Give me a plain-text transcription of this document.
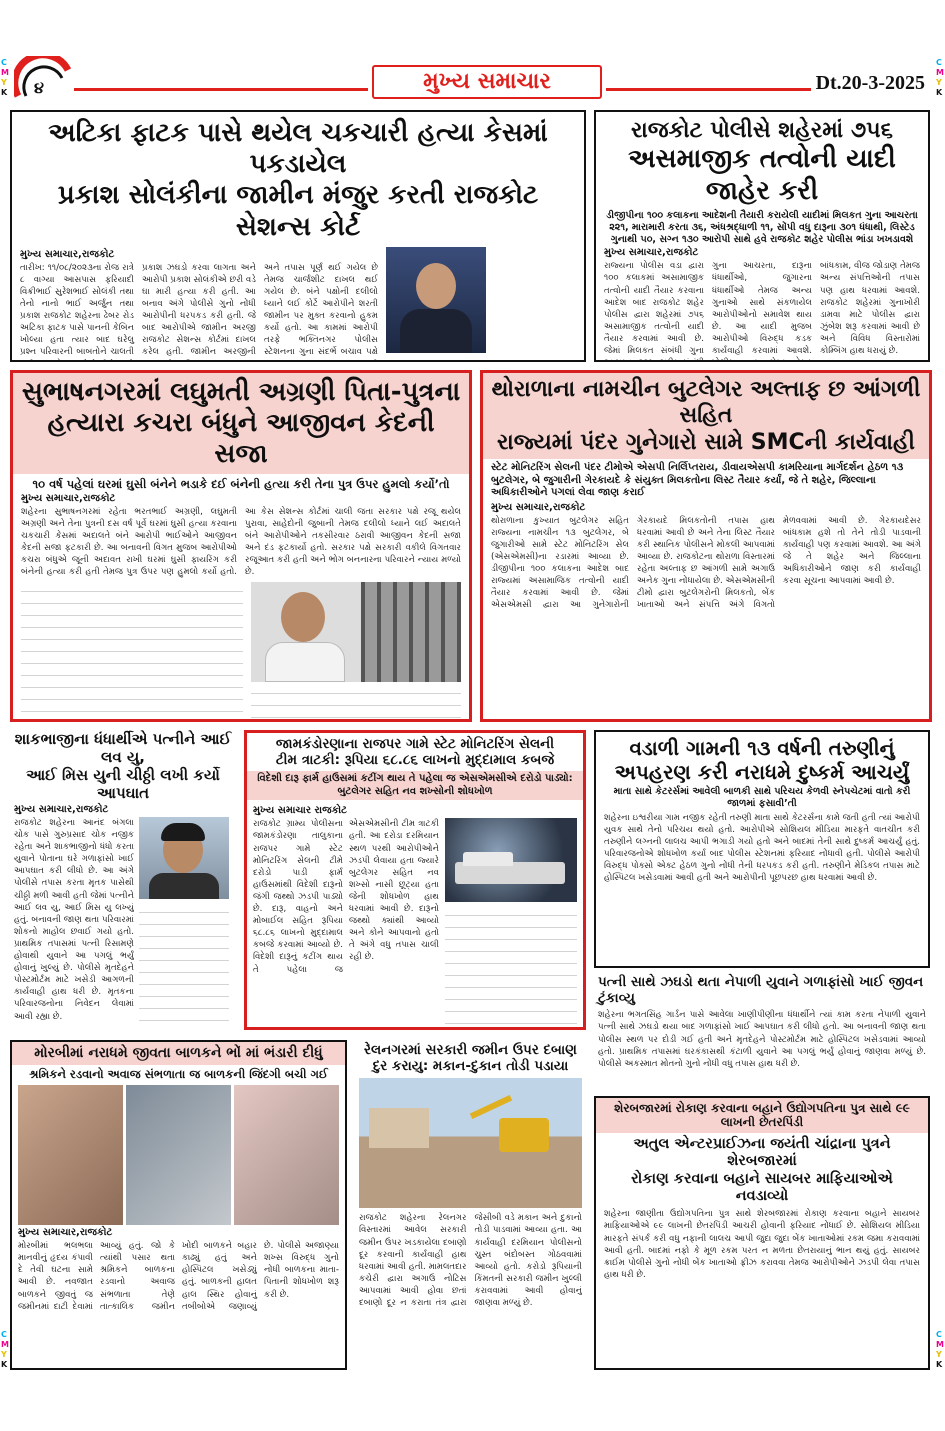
C
M
Y
K
C
M
Y
K
C
M
Y
K
C
M
Y
K
૪	મુખ્ય સમાચાર	Dt.20-3-2025
અટિકા ફાટક પાસે થયેલ ચકચારી હત્યા કેસમાં પકડાયેલ
પ્રકાશ સોલંકીના જામીન મંજુર કરતી રાજકોટ સેશન્સ કોર્ટ
મુખ્ય સમાચાર,રાજકોટ
તારીખ: ૧૧/૦૮/૨૦૨૩ના રોજ રાત્રે ૮ વાગ્યા આસપાસ ફરિયાદી વિક્રીભાઈ સુરેશભાઈ સોલંકી તથા તેનો નાનો ભાઈ અર્જુન તથા પ્રકાશ રાજકોટ શહેરના ઢેબર રોડ અટિકા ફાટક પાસે પાનની કેબિન ખોલ્યા હતા ત્યાર બાદ ઘરેલુ પ્રશ્ન પરિવારની બાબતોને ચાલતી પ્રકાશ ઝઘડો કરવા લાગતા અને આરોપી પ્રકાશ સોલંકીએ છરી વડે ઘા મારી હત્યા કરી હતી. આ બનાવ અંગે પોલીસે ગુનો નોંધી આરોપીની ધરપકડ કરી હતી. જે બાદ આરોપીએ જામીન અરજી રાજકોટ સેશન્સ કોર્ટમાં દાખલ કરેલ હતી. જામીન અરજીની અને તપાસ પૂર્ણ થઈ ગયેલ છે તેમજ ચાર્જશીટ દાખલ થઈ ગયેલ છે. બંને પક્ષોની દલીલો ધ્યાને લઈ કોર્ટે આરોપીને શરતી જામીન પર મુક્ત કરવાનો હુકમ કર્યો હતો. આ કામમાં આરોપી તરફે ભક્તિનગર પોલીસ સ્ટેશનના ગુના સંદર્ભે બચાવ પક્ષે
રાજકોટ પોલીસે શહેરમાં ૭૫૬
અસમાજીક તત્વોની યાદી જાહેર કરી
ડીજીપીના ૧૦૦ કલાકના આદેશની તૈયારી કરાયેલી યાદીમાં મિલકત ગુના આચરતા ૨૨૧, મારામારી કરતા ૩૬, અંધશ્રદ્ધાળી ૧૧, સોંપી વધુ દારૂના ૩૦૧ ધંધાથી, લિસ્ટેડ ગુનાથી ૫૦, સગ્ન ૧૩૦ આરોપી સાથે હવે રાજકોટ શહેર પોલીસ ભાંડા ખખડાવશે
મુખ્ય સમાચાર,રાજકોટ
રાજ્યના પોલીસ વડા દ્વારા ૧૦૦ કલાકમાં અસામાજીક તત્વોની યાદી તૈયાર કરવાના આદેશ બાદ રાજકોટ શહેર પોલીસ દ્વારા શહેરમાં ૭૫૬ અસામાજીક તત્વોની યાદી તૈયાર કરવામાં આવી છે. જેમાં મિલકત સંબંધી ગુના ગુના આચરતા, દારૂના ધંધાર્થીઓ, જુગારના ધંધાર્થીઓ તેમજ અન્ય ગુનાઓ સાથે સંકળાયેલ આરોપીઓનો સમાવેશ થાય છે. આ યાદી મુજબ આરોપીઓ વિરુદ્ધ કડક કાર્યવાહી કરવામાં આવશે. બાંધકામ, વીજ જોડાણ તેમજ અન્ય સંપત્તિઓની તપાસ પણ હાથ ધરવામાં આવશે. રાજકોટ શહેરમાં ગુનાખોરી ડામવા માટે પોલીસ દ્વારા ઝુંબેશ શરૂ કરવામાં આવી છે અને વિવિધ વિસ્તારોમાં કોમ્બિંગ હાથ ધરાયું છે.
સુભાષનગરમાં લઘુમતી અગ્રણી પિતા-પુત્રના
હત્યારા કચરા બંધુને આજીવન કેદની સજા
૧૦ વર્ષ પહેલાં ઘરમાં ઘુસી બંનેને ભડાકે દઈ બંનેની હત્યા કરી તેના પુત્ર ઉપર હુમલો કર્યો’તો
મુખ્ય સમાચાર,રાજકોટ
શહેરના સુભાષનગરમાં રહેતા ભરતભાઈ અગ્રણી, લઘુમતી અગ્રણી અને તેના પુત્રની દસ વર્ષ પૂર્વે ઘરમાં ઘુસી હત્યા કરવાના ચકચારી કેસમાં અદાલતે બંને આરોપી ભાઈઓને આજીવન કેદની સજા ફટકારી છે. આ બનાવની વિગત મુજબ આરોપીઓ કચરા બંધુએ જૂની અદાવત રાખી ઘરમાં ઘુસી ફાયરિંગ કરી બંનેની હત્યા કરી હતી તેમજ પુત્ર ઉપર પણ હુમલો કર્યો હતો. આ કેસ સેશન્સ કોર્ટમાં ચાલી જતા સરકાર પક્ષે રજૂ થયેલ પુરાવા, સાહેદોની જુબાની તેમજ દલીલો ધ્યાને લઈ અદાલતે બંને આરોપીઓને તકસીરવાર ઠરાવી આજીવન કેદની સજા અને દંડ ફટકાર્યો હતો. સરકાર પક્ષે સરકારી વકીલે વિગતવાર રજૂઆત કરી હતી અને ભોગ બનનારના પરિવારને ન્યાય મળ્યો છે.
થોરાળાના નામચીન બુટલેગર અલ્તાફ છ આંગળી સહિત
રાજ્યમાં પંદર ગુનેગારો સામે SMCની કાર્યવાહી
સ્ટેટ મોનિટરિંગ સેલની પંદર ટીમોએ એસપી નિર્લિપ્તરાય, ડીવાયએસપી કામરિયાના માર્ગદર્શન હેઠળ ૧૩ બુટલેગર, બે જુગારીની ગેરકાયદે કે સંયુક્ત મિલકતોના લિસ્ટ તૈયાર કર્યાં, જે તે શહેર, જિલ્લાના અધિકારીઓને પગલાં લેવા જાણ કરાઈ
મુખ્ય સમાચાર,રાજકોટ
થોરાળાના કુખ્યાત બુટલેગર સહિત રાજ્યના નામચીન ૧૩ બુટલેગર, બે જુગારીઓ સામે સ્ટેટ મોનિટરિંગ સેલ (એસએમસી)ના રડારમાં આવ્યા છે. ડીજીપીના ૧૦૦ કલાકના આદેશ બાદ રાજ્યમાં અસામાજિક તત્વોની યાદી તૈયાર કરવામાં આવી છે. જેમાં એસએમસી દ્વારા આ ગુનેગારોની ગેરકાયદે મિલકતોની તપાસ હાથ ધરવામાં આવી છે અને તેના લિસ્ટ તૈયાર કરી સ્થાનિક પોલીસને મોકલી આપવામાં આવ્યા છે. રાજકોટના થોરાળા વિસ્તારમાં રહેતા અલ્તાફ છ આંગળી સામે અગાઉ અનેક ગુના નોંધાયેલા છે. એસએમસીની ટીમો દ્વારા બુટલેગરોની મિલકતો, બેંક ખાતાઓ અને સંપત્તિ અંગે વિગતો મેળવવામાં આવી છે. ગેરકાયદેસર બાંધકામ હશે તો તેને તોડી પાડવાની કાર્યવાહી પણ કરવામાં આવશે. આ અંગે જે તે શહેર અને જિલ્લાના અધિકારીઓને જાણ કરી કાર્યવાહી કરવા સૂચના આપવામાં આવી છે.
શાકભાજીના ધંધાર્થીએ પત્નીને આઈ લવ યુ,
આઈ મિસ યુની ચીઠ્ઠી લખી કર્યો આપઘાત
મુખ્ય સમાચાર,રાજકોટ
રાજકોટ શહેરના આનંદ બંગલા ચોક પાસે ગુરુપ્રસાદ ચોક નજીક રહેતા અને શાકભાજીનો ધંધો કરતા યુવાને પોતાના ઘરે ગળાફાંસો ખાઈ આપઘાત કરી લીધો છે. આ અંગે પોલીસે તપાસ કરતા મૃતક પાસેથી ચીઠ્ઠી મળી આવી હતી જેમાં પત્નીને આઈ લવ યુ, આઈ મિસ યુ લખ્યું હતું. બનાવની જાણ થતા પરિવારમાં શોકનો માહોલ છવાઈ ગયો હતો. પ્રાથમિક તપાસમાં પત્ની રિસામણે હોવાથી યુવાને આ પગલું ભર્યું હોવાનું ખુલ્યું છે. પોલીસે મૃતદેહને પોસ્ટમોર્ટમ માટે ખસેડી આગળની કાર્યવાહી હાથ ધરી છે. મૃતકના પરિવારજનોના નિવેદન લેવામાં આવી રહ્યા છે.
જામકંડોરણાના રાજપર ગામે સ્ટેટ મોનિટરિંગ સેલની
ટીમ ત્રાટકી: રૂપિયા ૬૮.૮૬ લાખનો મુદ્દામાલ કબજે
વિદેશી દારૂ ફાર્મ હાઉસમાં કટીંગ થાય તે પહેલા જ એસએમસીએ દરોડો પાડ્યો: બુટલેગર સહિત નવ શખ્સોની શોધખોળ
મુખ્ય સમાચાર રાજકોટ
રાજકોટ ગ્રામ્ય પોલીસના જામકંડોરણા તાલુકાના રાજપર ગામે સ્ટેટ મોનિટરિંગ સેલની ટીમે દરોડો પાડી ફાર્મ હાઉસમાંથી વિદેશી દારૂનો જંગી જથ્થો ઝડપી પાડ્યો છે. દારૂ, વાહનો અને મોબાઈલ સહિત રૂપિયા ૬૮.૮૬ લાખનો મુદ્દામાલ કબજે કરવામાં આવ્યો છે. વિદેશી દારૂનું કટીંગ થાય તે પહેલા જ એસએમસીની ટીમ ત્રાટકી હતી. આ દરોડા દરમિયાન સ્થળ પરથી આરોપીઓને ઝડપી લેવાયા હતા જ્યારે બુટલેગર સહિત નવ શખ્સો નાસી છૂટ્યા હતા જેની શોધખોળ હાથ ધરવામાં આવી છે. દારૂનો જથ્થો ક્યાંથી આવ્યો અને કોને આપવાનો હતો તે અંગે વધુ તપાસ ચાલી રહી છે.
વડાળી ગામની ૧૩ વર્ષની તરુણીનું
અપહરણ કરી નરાધમે દુષ્કર્મ આચર્યું
માતા સાથે કેટરર્સમાં આવેલી બાળકી સાથે પરિચય કેળવી સ્નેપચેટમાં વાતો કરી જાળમાં ફસાવી’તી
શહેરના ઇશ્વરીયા ગામ નજીક રહેતી તરુણી માતા સાથે કેટરર્સના કામે જતી હતી ત્યાં આરોપી યુવક સાથે તેનો પરિચય થયો હતો. આરોપીએ સોશિયલ મીડિયા મારફતે વાતચીત કરી તરુણીને લગ્નની લાલચ આપી ભગાડી ગયો હતો અને બાદમાં તેની સાથે દુષ્કર્મ આચર્યું હતું. પરિવારજનોએ શોધખોળ કર્યા બાદ પોલીસ સ્ટેશનમાં ફરિયાદ નોંધાવી હતી. પોલીસે આરોપી વિરુદ્ધ પોક્સો એક્ટ હેઠળ ગુનો નોંધી તેની ધરપકડ કરી હતી. તરુણીને મેડિકલ તપાસ માટે હોસ્પિટલ ખસેડવામાં આવી હતી અને આરોપીની પૂછપરછ હાથ ધરવામાં આવી છે.
પત્ની સાથે ઝઘડો થતા નેપાળી યુવાને ગળાફાંસો ખાઈ જીવન ટુંકાવ્યુ
શહેરના ભગતસિંહ ગાર્ડન પાસે આવેલા ખાણીપીણીના ધંધાર્થીને ત્યાં કામ કરતા નેપાળી યુવાને પત્ની સાથે ઝઘડો થયા બાદ ગળાફાંસો ખાઈ આપઘાત કરી લીધો હતો. આ બનાવની જાણ થતા પોલીસ સ્થળ પર દોડી ગઈ હતી અને મૃતદેહને પોસ્ટમોર્ટમ માટે હોસ્પિટલ ખસેડવામાં આવ્યો હતો. પ્રાથમિક તપાસમાં ઘરકંકાસથી કંટાળી યુવાને આ પગલું ભર્યું હોવાનું જાણવા મળ્યું છે. પોલીસે અકસ્માત મોતનો ગુનો નોંધી વધુ તપાસ હાથ ધરી છે.
મોરબીમાં નરાધમે જીવતા બાળકને ભોં માં ભંડારી દીધું
શ્રમિકને રડવાનો અવાજ સંભળાતા જ બાળકની જિંદગી બચી ગઈ
મુખ્ય સમાચાર,રાજકોટ
મોરબીમાં ભલભલા માનવીનું હૃદય કંપાવી દે તેવી ઘટના સામે આવી છે. નવજાત બાળકને જીવતું જ જમીનમાં દાટી દેવામાં આવ્યું હતું. જો કે ત્યાંથી પસાર થતા શ્રમિકને બાળકના રડવાનો અવાજ સંભળાતા તેણે તાત્કાલિક જમીન ખોદી બાળકને બહાર કાઢ્યું હતું અને હોસ્પિટલ ખસેડ્યું હતું. બાળકની હાલત હાલ સ્થિર હોવાનું તબીબોએ જણાવ્યું છે. પોલીસે અજાણ્યા શખ્સ વિરુદ્ધ ગુનો નોંધી બાળકના માતા-પિતાની શોધખોળ શરૂ કરી છે.
રેલનગરમાં સરકારી જમીન ઉપર દબાણ
દુર કરાયુ: મકાન-દુકાન તોડી પડાયા
રાજકોટ શહેરના રેલનગર વિસ્તારમાં આવેલ સરકારી જમીન ઉપર ખડકાયેલા દબાણો દૂર કરવાની કાર્યવાહી હાથ ધરવામાં આવી હતી. મામલતદાર કચેરી દ્વારા અગાઉ નોટિસ આપવામાં આવી હોવા છતાં દબાણો દૂર ન કરાતા તંત્ર દ્વારા જેસીબી વડે મકાન અને દુકાનો તોડી પાડવામાં આવ્યા હતા. આ કાર્યવાહી દરમિયાન પોલીસનો ચુસ્ત બંદોબસ્ત ગોઠવવામાં આવ્યો હતો. કરોડો રૂપિયાની કિંમતની સરકારી જમીન ખુલ્લી કરાવવામાં આવી હોવાનું જાણવા મળ્યું છે.
શેરબજારમાં રોકાણ કરવાના બહાને ઉદ્યોગપતિના પુત્ર સાથે ૯૯ લાખની છેતરપિંડી
અતુલ એન્ટરપ્રાઈઝના જયંતી ચાંદ્રાના પુત્રને શેરબજારમાં
રોકાણ કરવાના બહાને સાયબર માફિયાઓએ નવડાવ્યો
શહેરના જાણીતા ઉદ્યોગપતિના પુત્ર સાથે શેરબજારમાં રોકાણ કરવાના બહાને સાયબર માફિયાઓએ ૯૯ લાખની છેતરપિંડી આચરી હોવાની ફરિયાદ નોંધાઈ છે. સોશિયલ મીડિયા મારફતે સંપર્ક કરી વધુ નફાની લાલચ આપી જુદા જુદા બેંક ખાતાઓમાં રકમ જમા કરાવવામાં આવી હતી. બાદમાં નફો કે મૂળ રકમ પરત ન મળતા છેતરાયાનું ભાન થયું હતું. સાયબર ક્રાઈમ પોલીસે ગુનો નોંધી બેંક ખાતાઓ ફ્રીઝ કરાવવા તેમજ આરોપીઓને ઝડપી લેવા તપાસ હાથ ધરી છે.
